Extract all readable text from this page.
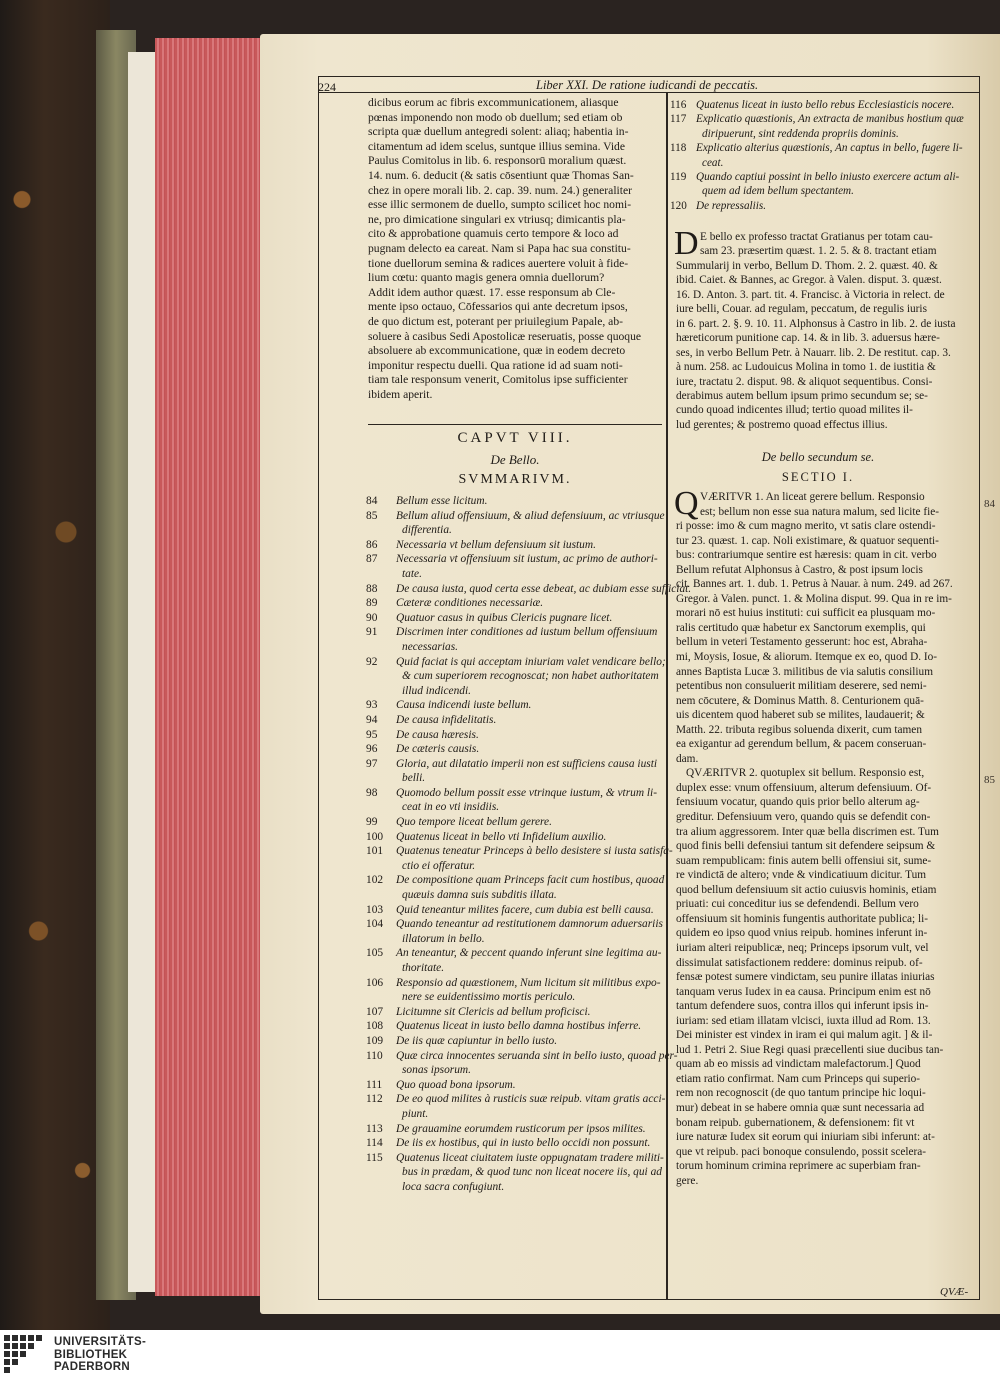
224	Liber XXI. De ratione iudicandi de peccatis.
dicibus eorum ac fibris excommunicationem, aliasque
pœnas imponendo non modo ob duellum; sed etiam ob
scripta quæ duellum antegredi solent: aliaq; habentia in-
citamentum ad idem scelus, suntque illius semina. Vide
Paulus Comitolus in lib. 6. responsorū moralium quæst.
14. num. 6. deducit (& satis cōsentiunt quæ Thomas San-
chez in opere morali lib. 2. cap. 39. num. 24.) generaliter
esse illic sermonem de duello, sumpto scilicet hoc nomi-
ne, pro dimicatione singulari ex vtriusq; dimicantis pla-
cito & approbatione quamuis certo tempore & loco ad
pugnam delecto ea careat. Nam si Papa hac sua constitu-
tione duellorum semina & radices auertere voluit à fide-
lium cœtu: quanto magis genera omnia duellorum?
Addit idem author quæst. 17. esse responsum ab Cle-
mente ipso octauo, Cōfessarios qui ante decretum ipsos,
de quo dictum est, poterant per priuilegium Papale, ab-
soluere à casibus Sedi Apostolicæ reseruatis, posse quoque
absoluere ab excommunicatione, quæ in eodem decreto
imponitur respectu duelli. Qua ratione id ad suam noti-
tiam tale responsum venerit, Comitolus ipse sufficienter
ibidem aperit.
CAPVT VIII.
De Bello.
SVMMARIVM.
84	Bellum esse licitum.
85	Bellum aliud offensiuum, & aliud defensiuum, ac vtriusque
differentia.
86	Necessaria vt bellum defensiuum sit iustum.
87	Necessaria vt offensiuum sit iustum, ac primo de authori-
tate.
88	De causa iusta, quod certa esse debeat, ac dubiam esse sufficiat.
89	Cæteræ conditiones necessariæ.
90	Quatuor casus in quibus Clericis pugnare licet.
91	Discrimen inter conditiones ad iustum bellum offensiuum
necessarias.
92	Quid faciat is qui acceptam iniuriam valet vendicare bello;
& cum superiorem recognoscat; non habet authoritatem
illud indicendi.
93	Causa indicendi iuste bellum.
94	De causa infidelitatis.
95	De causa hæresis.
96	De cæteris causis.
97	Gloria, aut dilatatio imperii non est sufficiens causa iusti
belli.
98	Quomodo bellum possit esse vtrinque iustum, & vtrum li-
ceat in eo vti insidiis.
99	Quo tempore liceat bellum gerere.
100	Quatenus liceat in bello vti Infidelium auxilio.
101	Quatenus teneatur Princeps à bello desistere si iusta satisfa-
ctio ei offeratur.
102	De compositione quam Princeps facit cum hostibus, quoad
quæuis damna suis subditis illata.
103	Quid teneantur milites facere, cum dubia est belli causa.
104	Quando teneantur ad restitutionem damnorum aduersariis
illatorum in bello.
105	An teneantur, & peccent quando inferunt sine legitima au-
thoritate.
106	Responsio ad quæstionem, Num licitum sit militibus expo-
nere se euidentissimo mortis periculo.
107	Licitumne sit Clericis ad bellum proficisci.
108	Quatenus liceat in iusto bello damna hostibus inferre.
109	De iis quæ capiuntur in bello iusto.
110	Quæ circa innocentes seruanda sint in bello iusto, quoad per-
sonas ipsorum.
111	Quo quoad bona ipsorum.
112	De eo quod milites à rusticis suæ reipub. vitam gratis acci-
piunt.
113	De grauamine eorumdem rusticorum per ipsos milites.
114	De iis ex hostibus, qui in iusto bello occidi non possunt.
115	Quatenus liceat ciuitatem iuste oppugnatam tradere militi-
bus in prædam, & quod tunc non liceat nocere iis, qui ad
loca sacra confugiunt.
116 Quatenus liceat in iusto bello rebus Ecclesiasticis nocere.
117 Explicatio quæstionis, An extracta de manibus hostium quæ
diripuerunt, sint reddenda propriis dominis.
118 Explicatio alterius quæstionis, An captus in bello, fugere li-
ceat.
119 Quando captiui possint in bello iniusto exercere actum ali-
quem ad idem bellum spectantem.
120 De repressaliis.
D E bello ex professo tractat Gratianus per totam cau-
sam 23. præsertim quæst. 1. 2. 5. & 8. tractant etiam
Summularij in verbo, Bellum D. Thom. 2. 2. quæst. 40. &
ibid. Caiet. & Bannes, ac Gregor. à Valen. disput. 3. quæst.
16. D. Anton. 3. part. tit. 4. Francisc. à Victoria in relect. de
iure belli, Couar. ad regulam, peccatum, de regulis iuris
in 6. part. 2. §. 9. 10. 11. Alphonsus à Castro in lib. 2. de iusta
hæreticorum punitione cap. 14. & in lib. 3. aduersus hære-
ses, in verbo Bellum Petr. à Nauarr. lib. 2. De restitut. cap. 3.
à num. 258. ac Ludouicus Molina in tomo 1. de iustitia &
iure, tractatu 2. disput. 98. & aliquot sequentibus. Consi-
derabimus autem bellum ipsum primo secundum se; se-
cundo quoad indicentes illud; tertio quoad milites il-
lud gerentes; & postremo quoad effectus illius.
De bello secundum se.
SECTIO I.
Q VÆRITVR 1. An liceat gerere bellum. Responsio
est; bellum non esse sua natura malum, sed licite fie-
ri posse: imo & cum magno merito, vt satis clare ostendi-
tur 23. quæst. 1. cap. Noli existimare, & quatuor sequenti-
bus: contrariumque sentire est hæresis: quam in cit. verbo
Bellum refutat Alphonsus à Castro, & post ipsum locis
cit. Bannes art. 1. dub. 1. Petrus à Nauar. à num. 249. ad 267.
Gregor. à Valen. punct. 1. & Molina disput. 99. Qua in re im-
morari nō est huius instituti: cui sufficit ea plusquam mo-
ralis certitudo quæ habetur ex Sanctorum exemplis, qui
bellum in veteri Testamento gesserunt: hoc est, Abraha-
mi, Moysis, Iosue, & aliorum. Itemque ex eo, quod D. Io-
annes Baptista Lucæ 3. militibus de via salutis consilium
petentibus non consuluerit militiam deserere, sed nemi-
nem cōcutere, & Dominus Matth. 8. Centurionem quā-
uis dicentem quod haberet sub se milites, laudauerit; &
Matth. 22. tributa regibus soluenda dixerit, cum tamen
ea exigantur ad gerendum bellum, & pacem conseruan-
dam.
QVÆRITVR 2. quotuplex sit bellum. Responsio est,
duplex esse: vnum offensiuum, alterum defensiuum. Of-
fensiuum vocatur, quando quis prior bello alterum ag-
greditur. Defensiuum vero, quando quis se defendit con-
tra alium aggressorem. Inter quæ bella discrimen est. Tum
quod finis belli defensiui tantum sit defendere seipsum &
suam rempublicam: finis autem belli offensiui sit, sume-
re vindictā de altero; vnde & vindicatiuum dicitur. Tum
quod bellum defensiuum sit actio cuiusvis hominis, etiam
priuati: cui conceditur ius se defendendi. Bellum vero
offensiuum sit hominis fungentis authoritate publica; li-
quidem eo ipso quod vnius reipub. homines inferunt in-
iuriam alteri reipublicæ, neq; Princeps ipsorum vult, vel
dissimulat satisfactionem reddere: dominus reipub. of-
fensæ potest sumere vindictam, seu punire illatas iniurias
tanquam verus Iudex in ea causa. Principum enim est nō
tantum defendere suos, contra illos qui inferunt ipsis in-
iuriam: sed etiam illatam vlcisci, iuxta illud ad Rom. 13.
Dei minister est vindex in iram ei qui malum agit. ] & il-
lud 1. Petri 2. Siue Regi quasi præcellenti siue ducibus tan-
quam ab eo missis ad vindictam malefactorum.] Quod
etiam ratio confirmat. Nam cum Princeps qui superio-
rem non recognoscit (de quo tantum principe hic loqui-
mur) debeat in se habere omnia quæ sunt necessaria ad
bonam reipub. gubernationem, & defensionem: fit vt
iure naturæ Iudex sit eorum qui iniuriam sibi inferunt: at-
que vt reipub. paci bonoque consulendo, possit scelera-
torum hominum crimina reprimere ac superbiam fran-
gere.
QVÆ-
84
85
UNIVERSITÄTS-
BIBLIOTHEK
PADERBORN
